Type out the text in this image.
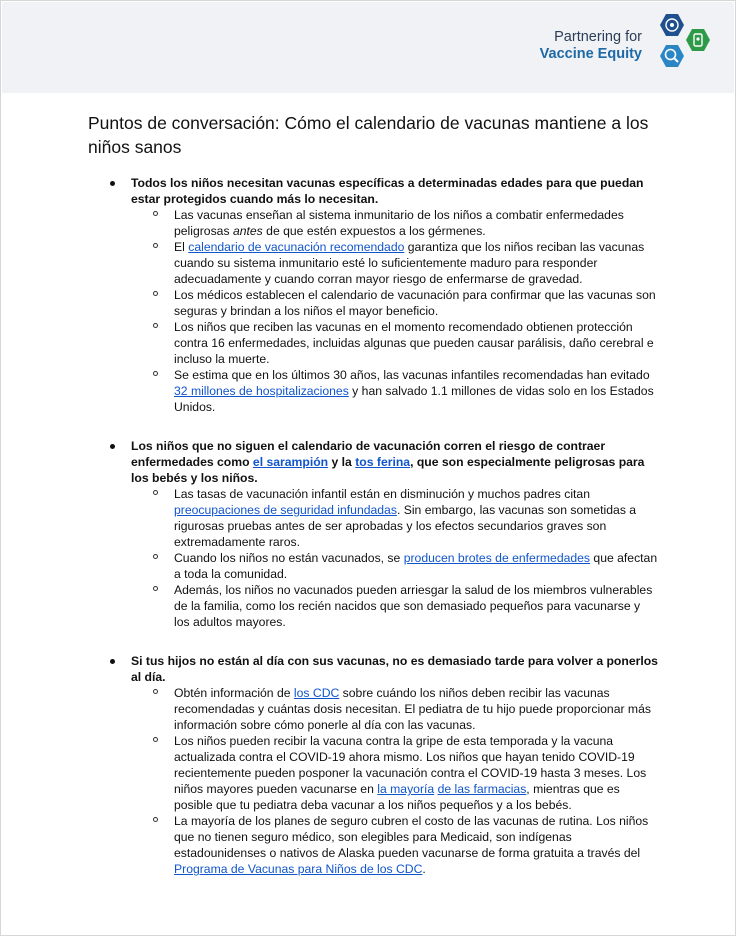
Partnering for
Vaccine Equity
Puntos de conversación: Cómo el calendario de vacunas mantiene a los niños sanos
Todos los niños necesitan vacunas específicas a determinadas edades para que puedan estar protegidos cuando más lo necesitan.
Las vacunas enseñan al sistema inmunitario de los niños a combatir enfermedades peligrosas antes de que estén expuestos a los gérmenes.
El calendario de vacunación recomendado garantiza que los niños reciban las vacunas cuando su sistema inmunitario esté lo suficientemente maduro para responder adecuadamente y cuando corran mayor riesgo de enfermarse de gravedad.
Los médicos establecen el calendario de vacunación para confirmar que las vacunas son seguras y brindan a los niños el mayor beneficio.
Los niños que reciben las vacunas en el momento recomendado obtienen protección contra 16 enfermedades, incluidas algunas que pueden causar parálisis, daño cerebral e incluso la muerte.
Se estima que en los últimos 30 años, las vacunas infantiles recomendadas han evitado 32 millones de hospitalizaciones y han salvado 1.1 millones de vidas solo en los Estados Unidos.
Los niños que no siguen el calendario de vacunación corren el riesgo de contraer enfermedades como el sarampión y la tos ferina, que son especialmente peligrosas para los bebés y los niños.
Las tasas de vacunación infantil están en disminución y muchos padres citan preocupaciones de seguridad infundadas. Sin embargo, las vacunas son sometidas a rigurosas pruebas antes de ser aprobadas y los efectos secundarios graves son extremadamente raros.
Cuando los niños no están vacunados, se producen brotes de enfermedades que afectan a toda la comunidad.
Además, los niños no vacunados pueden arriesgar la salud de los miembros vulnerables de la familia, como los recién nacidos que son demasiado pequeños para vacunarse y los adultos mayores.
Si tus hijos no están al día con sus vacunas, no es demasiado tarde para volver a ponerlos al día.
Obtén información de los CDC sobre cuándo los niños deben recibir las vacunas recomendadas y cuántas dosis necesitan. El pediatra de tu hijo puede proporcionar más información sobre cómo ponerle al día con las vacunas.
Los niños pueden recibir la vacuna contra la gripe de esta temporada y la vacuna actualizada contra el COVID-19 ahora mismo. Los niños que hayan tenido COVID-19 recientemente pueden posponer la vacunación contra el COVID-19 hasta 3 meses. Los niños mayores pueden vacunarse en la mayoría de las farmacias, mientras que es posible que tu pediatra deba vacunar a los niños pequeños y a los bebés.
La mayoría de los planes de seguro cubren el costo de las vacunas de rutina. Los niños que no tienen seguro médico, son elegibles para Medicaid, son indígenas estadounidenses o nativos de Alaska pueden vacunarse de forma gratuita a través del Programa de Vacunas para Niños de los CDC.
